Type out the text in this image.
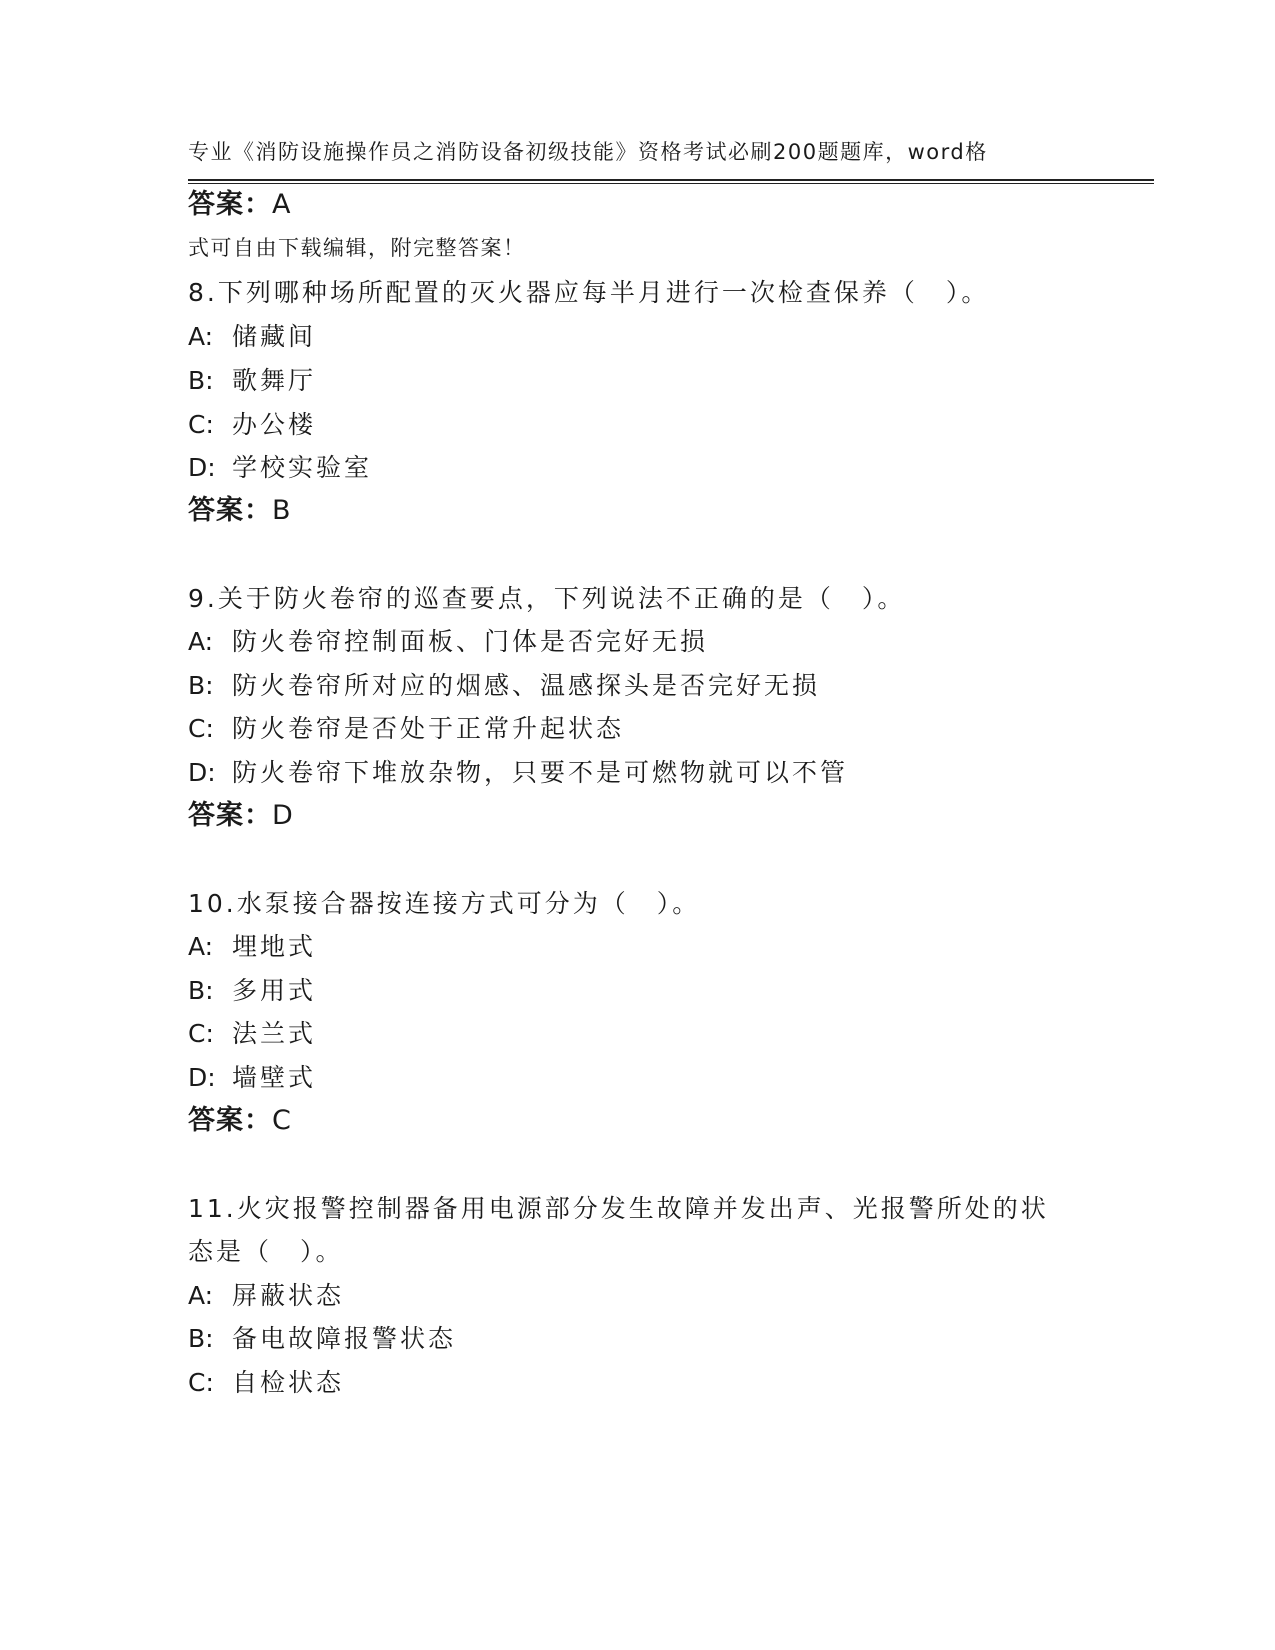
专业《消防设施操作员之消防设备初级技能》资格考试必刷200题题库，word格

式可自由下载编辑，附完整答案！

答案：A
8.下列哪种场所配置的灭火器应每半月进行一次检查保养（　）。
A: 储藏间
B: 歌舞厅
C: 办公楼
D: 学校实验室
答案：B
9.关于防火卷帘的巡查要点，下列说法不正确的是（　）。
A: 防火卷帘控制面板、门体是否完好无损
B: 防火卷帘所对应的烟感、温感探头是否完好无损
C: 防火卷帘是否处于正常升起状态
D: 防火卷帘下堆放杂物，只要不是可燃物就可以不管
答案：D
10.水泵接合器按连接方式可分为（　）。
A: 埋地式
B: 多用式
C: 法兰式
D: 墙壁式
答案：C
11.火灾报警控制器备用电源部分发生故障并发出声、光报警所处的状
态是（　）。
A: 屏蔽状态
B: 备电故障报警状态
C: 自检状态
